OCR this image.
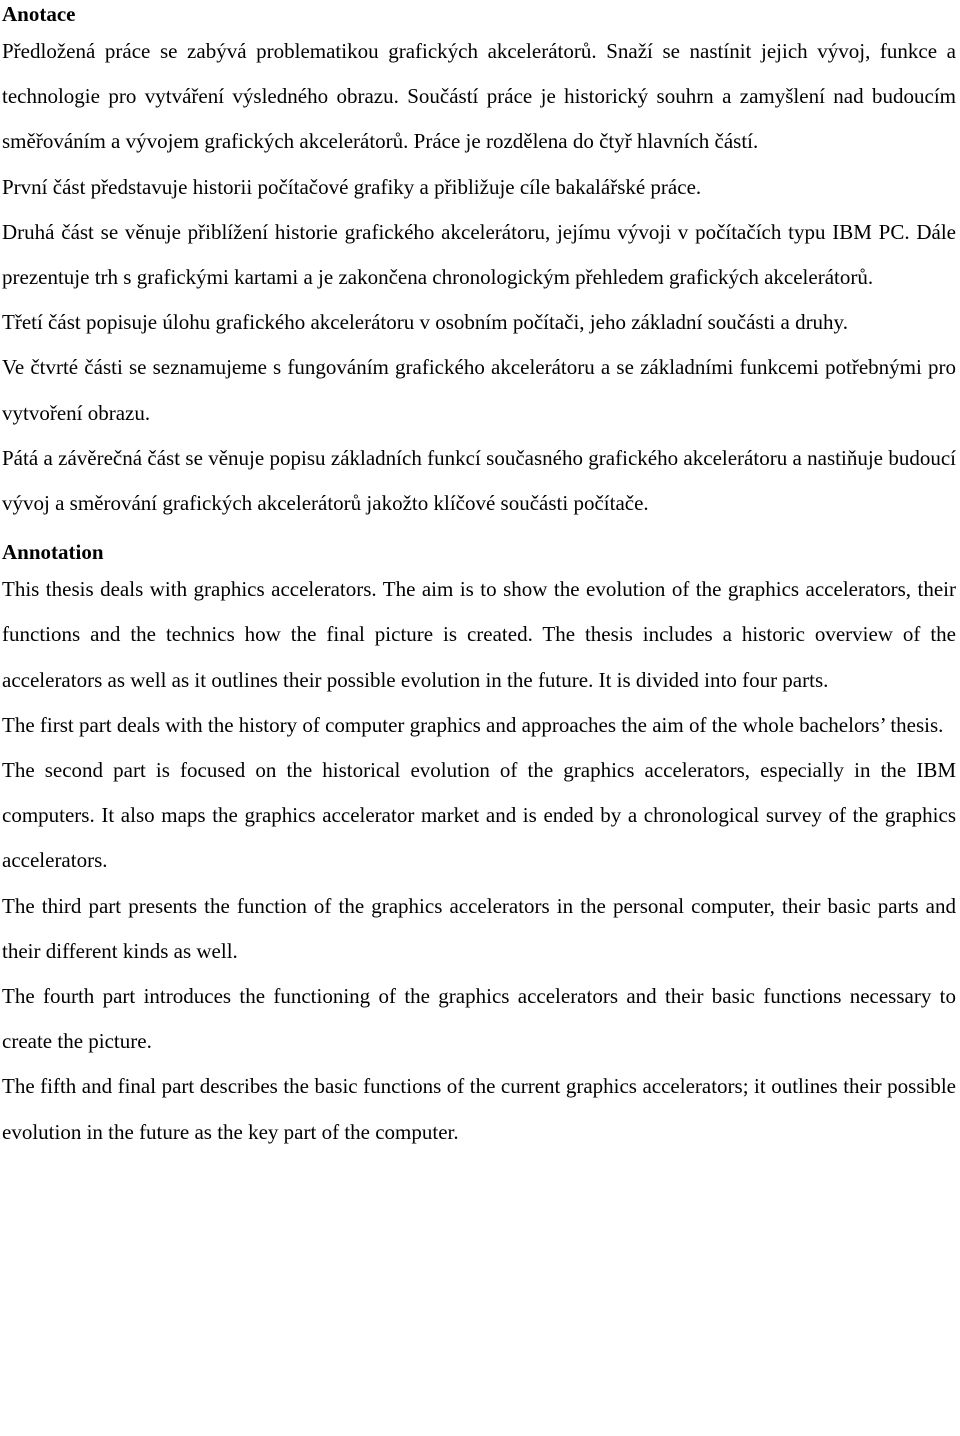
Anotace

Předložená práce se zabývá problematikou grafických akcelerátorů. Snaží se nastínit jejich vývoj, funkce a technologie pro vytváření výsledného obrazu. Součástí práce je historický souhrn a zamyšlení nad budoucím směřováním a vývojem grafických akcelerátorů. Práce je rozdělena do čtyř hlavních částí.

První část představuje historii počítačové grafiky a přibližuje cíle bakalářské práce.

Druhá část se věnuje přiblížení historie grafického akcelerátoru, jejímu vývoji v počítačích typu IBM PC. Dále prezentuje trh s grafickými kartami a je zakončena chronologickým přehledem grafických akcelerátorů.

Třetí část popisuje úlohu grafického akcelerátoru v osobním počítači, jeho základní součásti a druhy.

Ve čtvrté části se seznamujeme s fungováním grafického akcelerátoru a se základními funkcemi potřebnými pro vytvoření obrazu.

Pátá a závěrečná část se věnuje popisu základních funkcí současného grafického akcelerátoru a nastiňuje budoucí vývoj a směrování grafických akcelerátorů jakožto klíčové součásti počítače.

Annotation

This thesis deals with graphics accelerators. The aim is to show the evolution of the graphics accelerators, their functions and the technics how the final picture is created. The thesis includes a historic overview of the accelerators as well as it outlines their possible evolution in the future. It is divided into four parts.

The first part deals with the history of computer graphics and approaches the aim of the whole bachelors’ thesis.

The second part is focused on the historical evolution of the graphics accelerators, especially in the IBM computers. It also maps the graphics accelerator market and is ended by a chronological survey of the graphics accelerators.

The third part presents the function of the graphics accelerators in the personal computer, their basic parts and their different kinds as well.

The fourth part introduces the functioning of the graphics accelerators and their basic functions necessary to create the picture.

The fifth and final part describes the basic functions of the current graphics accelerators; it outlines their possible evolution in the future as the key part of the computer.
